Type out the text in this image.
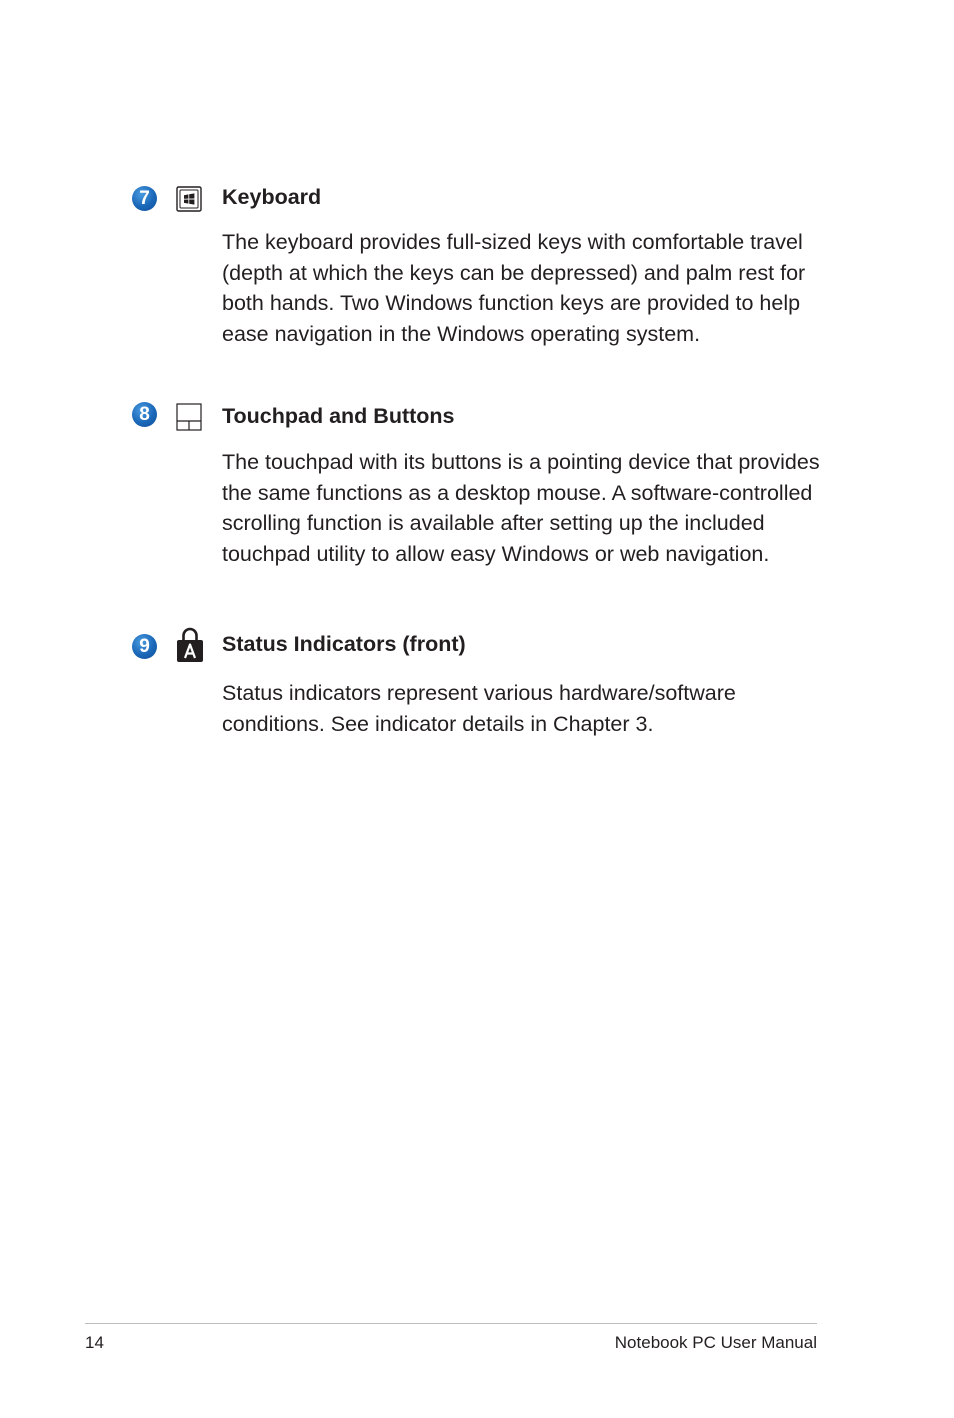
7	Keyboard

The keyboard provides full-sized keys with comfortable travel (depth at which the keys can be depressed) and palm rest for both hands. Two Windows function keys are provided to help ease navigation in the Windows operating system.

8	Touchpad and Buttons

The touchpad with its buttons is a pointing device that provides the same functions as a desktop mouse. A software-controlled scrolling function is available after setting up the included touchpad utility to allow easy Windows or web navigation.

9	Status Indicators (front)

Status indicators represent various hardware/software conditions. See indicator details in Chapter 3.

14	Notebook PC User Manual
